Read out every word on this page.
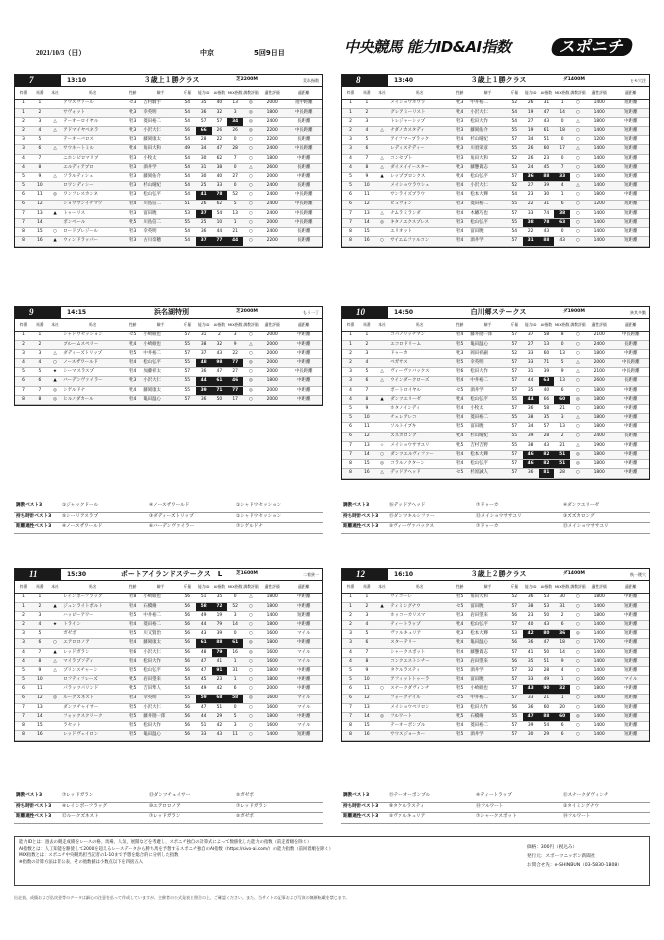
2021/10/3（日）	中京	5回9日目	中央競馬 能力ID&AI指数	スポニチ
7	13:10	３歳上１勝クラス	芝2200M	荒れ指数
枠番	馬番	本社	馬名	性齢	騎手	斤量	能力ID	AI指数	MIX指数	調教評価	適性評価	適距離
1	1		アウスヴァール	セ3	吉村騎手	54	35	40	13	◎	2000	短中距離
1	2		サヴォット	牝3	幸英明	54	36	32	3	◎	1800	中長距離
2	3	△	テーオーロイヤル	牡3	菱田裕二	54	57	57	34	◎	2400	長距離
2	4	△	アドマイヤベネラ	牝3	小沢大仁	56	66	26	26	◎	2200	中長距離
3	5		テーオーバロス	牡3	藤岡康太	54	28	22	0	○	2200	長距離
3	6	△	サウネートミル	牝4	角田大和	49	34	47	28	○	2400	中長距離
4	7		ニホンピロマリブ	牡3	小牧太	54	30	62	7	○	1800	中距離
4	8		エルディアブロ	牡3	酒井学	54	31	38	0	△	2600	長距離
5	9	△	ソラルティシュ	牡3	藤岡佑介	54	30	40	27	○	2000	中距離
5	10		ロワンディシー	牡3	杉山晴紀	54	25	33	0	○	2400	長距離
6	11	◎	ワンフレスカンネ	牡3	松山弘平	54	41	78	52	○	2400	中長距離
6	12		ショウサンイチマツ	牡4	川島信二	51	26	62	5	○	2400	中長距離
7	13	▲	トゥーリス	牡3	富田暁	53	37	54	13	○	2400	中長距離
7	14		ボンベール	牝5	川島信二	55	25	10	1	○	2000	中長距離
8	15	○	ロードプレジール	牡3	幸英明	54	36	44	21	○	2400	長距離
8	16	▲	ウィンドラッパー	牡3	古川奈穂	54	37	77	44	○	2200	長距離
8	13:40	３歳上１勝クラス	ダ1400M	ヒモ穴注
枠番	馬番	本社	馬名	性齢	騎手	斤量	能力ID	AI指数	MIX指数	調教評価	適性評価	適距離
1	1		メイショウホウラ	牝3	中井裕二	52	26	31	1	○	1400	短距離
1	2		グレアミーリスト	牝4	小沢大仁	54	19	47	14	○	1400	短距離
2	3		トレジャーシップ	牡3	松田大作	54	27	43	0	△	1800	中距離
2	4	△	ナダノカスタディ	牡3	藤岡佑介	55	19	61	18	○	1400	短距離
3	5		アイフマーブラック	牡4	杉山晴紀	57	34	51	0	○	1200	短距離
3	6		レディステディー	牝3	川須栄彦	55	26	60	17	△	1400	短距離
4	7	△	コンセプト	牡3	角田大和	52	26	23	0	○	1400	短距離
4	8	△	ダイメイイースター	牝3	藤懸貴志	53	24	45	7	○	1400	短距離
5	9	▲	レップブロンクス	牝4	松山弘平	57	36	88	33	○	1400	短距離
5	10		メイショウラウシュ	牡4	小沢大仁	52	27	39	4	△	1400	短距離
6	11		サンライズブラウ	牡4	松本大輝	54	23	30	1	○	1800	中距離
6	12		ビュヴォン	牡3	菱田裕二	55	22	31	6	○	1200	短距離
7	13	△	ナムラミランダ	牡4	木幡巧也	57	33	74	38	○	1400	短距離
7	14	◎	キタノエクスプレス	牡3	松山弘平	55	38	78	63	○	1400	短距離
8	15		エリオット	牡4	富田暁	54	22	43	0	○	1400	短距離
8	16	○	サイエムファルコン	牡4	酒井学	57	31	88	43	○	1400	短距離
9	14:15	浜名湖特別	芝2000M	もう一丁
枠番	馬番	本社	馬名	性齢	騎手	斤量	能力ID	AI指数	MIX指数	調教評価	適性評価	適距離
1	1		シャドウセッション	セ5	小崎綾也	57	31	2	3	○	2000	中距離
2	2		ブルームスペリー	牝4	小崎綾也	55	38	32	9	△	2000	中距離
3	3	△	ダディーズトリップ	牡5	中井裕二	57	37	43	22	○	2000	中距離
4	4	○	ノースザワールド	牡4	松山弘平	55	48	98	77	◎	2000	中距離
5	5	★	シーマスラスプ	牡4	加藤祥太	57	36	47	27	○	2000	中長距離
6	6	▲	バーデンヴァイラー	牝3	小沢大仁	55	44	61	46	◎	1800	中距離
7	7	◎	シゲルドナ	牝4	藤岡康太	55	39	71	77	◎	2000	中距離
8	8	◎	ヒルノダカール	牡4	亀田温心	57	36	50	17	○	2000	中距離
調教ベスト3	①ジャックドール	④ノースザワールド	①シャドウセッション
持ち時計ベスト3	⑤シーリアスラプ	③ダディーズトリップ	①シャドウセッション
距離適性ベスト3	④ノースザワールド	⑥バーデンヴァイラー	⑦シゲルドナ
10	14:50	白川郷ステークス	ダ1900M	狭其多勤
枠番	馬番	本社	馬名	性齢	騎手	斤量	能力ID	AI指数	MIX指数	調教評価	適性評価	適距離
1	1		コパノリッチマン	牡4	藤井勘一郎	57	37	58	8	○	2100	中長距離
1	2		エコロドリーム	牡5	亀田温心	57	27	13	0	○	2400	長距離
2	3		ドゥーカ	牝3	岡田祥嗣	52	33	60	13	○	1800	中距離
2	4		ベガサス	牡5	幸英明	57	33	71	5	△	2000	中長距離
3	5	△	ヴィーヴァバックス	牡6	松田大作	57	31	39	9	△	2100	中長距離
3	6	△	ウインダークローズ	牡4	中井裕二	57	44	63	13	○	2600	長距離
4	7		ボートロイヤル	セ5	酒井学	57	35	40	6	○	1800	中距離
4	8	▲	ダンツエリーゼ	牝4	松山弘平	55	44	66	60	◎	1800	中距離
5	9		ホタノインディ	牡4	小牧太	57	36	58	21	○	1800	中距離
5	10		チェレアレコ	牡4	菱田裕二	55	38	35	3	△	1800	中距離
6	11		ソルトイブキ	牡5	富田暁	57	34	57	13	○	1800	中距離
6	12		ズズカロング	牝4	杉山晴紀	55	39	28	2	○	2400	長距離
7	13	☆	メイショウササユリ	牝5	吉村吉野	55	38	43	21	△	1900	中距離
7	14	○	ダンツエルヴィファー	牡4	松本大輝	57	46	82	51	◎	1800	中距離
8	15	◎	コラルノクターン	牡4	松山弘平	57	46	82	51	◎	1800	中距離
8	16	△	デッドアヘッド	セ5	杉原誠人	57	36	81	28	○	1800	中距離
調教ベスト3	⑯デッドアヘッド	⑦ドゥーカ	④ダンツエリーゼ
持ち時計ベスト3	⑮ダンツキルシファー	⑬メイショウササユリ	③ズズカロング
距離適性ベスト3	⑤ヴィーヴァバックス	⑦ドゥーカ	⑬メイショウササユリ
11	15:30	ポートアイランドステークス　L	芝1600M	二着狭一
枠番	馬番	本社	馬名	性齢	騎手	斤量	能力ID	AI指数	MIX指数	調教評価	適性評価	適距離
1	1		レインボーフラッグ	牡8	小崎綾也	56	51	35	0	△	1800	中距離
1	2	▲	ジュンライトボルト	牡4	石橋脩	56	58	72	52	○	1800	中距離
2	3		ハッピーアワー	牡5	中井裕二	56	49	19	3	○	1400	短距離
2	4	★	トライン	牡4	菱田裕二	56	44	79	14	○	1800	中距離
3	5		ガゼボ	牡5	川又賢治	56	43	39	0	○	1600	マイル
3	6	○	エアロロノア	牡4	藤岡康太	56	61	88	61	◎	1800	中距離
4	7	▲	レッドガラン	牡6	小沢大仁	56	48	79	16	◎	1600	マイル
4	8	△	マイラプソディ	牡4	松田大作	56	47	41	1	○	1600	マイル
5	9	△	プリンスチャーン	牡5	松山弘平	56	47	91	31	○	1800	中距離
5	10		ロフティフレーズ	牝5	岩田望来	54	45	23	1	○	1800	中距離
6	11		パラッツパリンド	牝5	吉田隼人	54	49	42	6	○	2000	中距離
6	12	◎	ルークズネスト	牡3	幸英明	55	59	68	58	◎	1600	マイル
7	13		ダンツチャイサー	牡5	小沢大仁	56	47	51	0	○	1600	マイル
7	14		フォックスクリーク	牡5	藤井勘一郎	56	44	29	5	○	1800	中距離
8	15		ラセット	牡5	松田大作	56	51	42	3	○	1600	マイル
8	16		レッドヴェイロン	牡5	亀田温心	56	33	43	11	○	1400	短距離
調教ベスト3	⑦レッドガラン	⑬ダンツチェイサー	⑤ガゼボ
持ち時計ベスト3	④レインボーフラッグ	⑩エアロロノア	⑦レッドガラン
距離適性ベスト3	⑫ルークズネスト	⑦レッドガラン	⑤ガゼボ
12	16:10	３歳上２勝クラス	ダ1400M	秋一稜穴
枠番	馬番	本社	馬名	性齢	騎手	斤量	能力ID	AI指数	MIX指数	調教評価	適性評価	適距離
1	1		ヴィゴーレ	牡5	角田大和	52	36	53	30	○	1800	中距離
1	2	▲	ティミングナウ	セ5	富田暁	57	38	53	31	○	1400	短距離
2	3		ホッコーカリスマ	牡3	岩田望来	56	23	50	2	○	1800	中距離
2	4		ティートラップ	牝4	松山弘平	57	40	43	6	○	1400	短距離
3	5		ヴァルキュリア	牝3	松本大輝	53	42	80	36	◎	1400	短距離
3	6		スターテリー	牝4	亀田温心	56	36	47	18	○	1700	中距離
4	7		シャークスポット	牡4	藤懸貴志	57	41	50	14	○	1400	短距離
4	8		コンクエストシチー	牡3	岩田望来	56	35	51	9	○	1400	短距離
5	9		タケルラスティ	牡5	酒井学	57	32	28	4	○	1400	短距離
5	10		アフィットトゥーラ	牡4	富田暁	57	33	49	1	○	1600	マイル
6	11	○	スナークダヴィンチ	牡5	小崎綾也	57	43	90	32	○	1800	中距離
6	12		フォークテイル	セ5	中井裕二	57	33	21	1	○	1400	短距離
7	13		メイショウペリロン	牡3	松田大作	56	36	60	20	○	1400	短距離
7	14	◎	フルワート	牝5	石橋脩	55	47	88	60	◎	1400	短距離
8	15		テーオーポンプル	牡4	菱田裕二	57	39	54	6	○	1400	短距離
8	16		サウスジョーカー	牡5	酒井学	57	30	29	6	○	1400	短距離
調教ベスト3	⑮テーオーポンプル	④ティートラップ	⑪スナークダヴィンチ
持ち時計ベスト3	⑨タケルラスティ	⑭フルワート	②タイミングナウ
距離適性ベスト3	⑤ヴァルキュリア	⑦シャークスポット	⑭フルワート
能力IDとは：過去の競走成績をレースの格、馬場、人気、展開などを考慮し、スポニチ独自の計算式によって数値化した能力の指数（前走着順を除く）
AI指数とは：人工知能を駆使して2000を超えるレースデータから勝ち馬を予想するスポニチ独自のAI指数（https://sivo-ai.com/）の能力指数（前回着順を除く）
MIX指数とは：スポニチ中央競馬担当記者の1-10まで予想を総合的に分析した指数
※指数の計算方法は非公表、その他数値は小数点以下を四捨五入
価格：300円（税込み）
発行元：スポーツニッポン新聞社
お問合せ先：e-SHINBUN（03-5830-1808）
出走表、成績および払戻金等のデータは細心の注意を払って作成していますが、主催者の公式発表と照合の上、ご確認ください。また、当サイトの記事および写真の無断転載を禁じます。
